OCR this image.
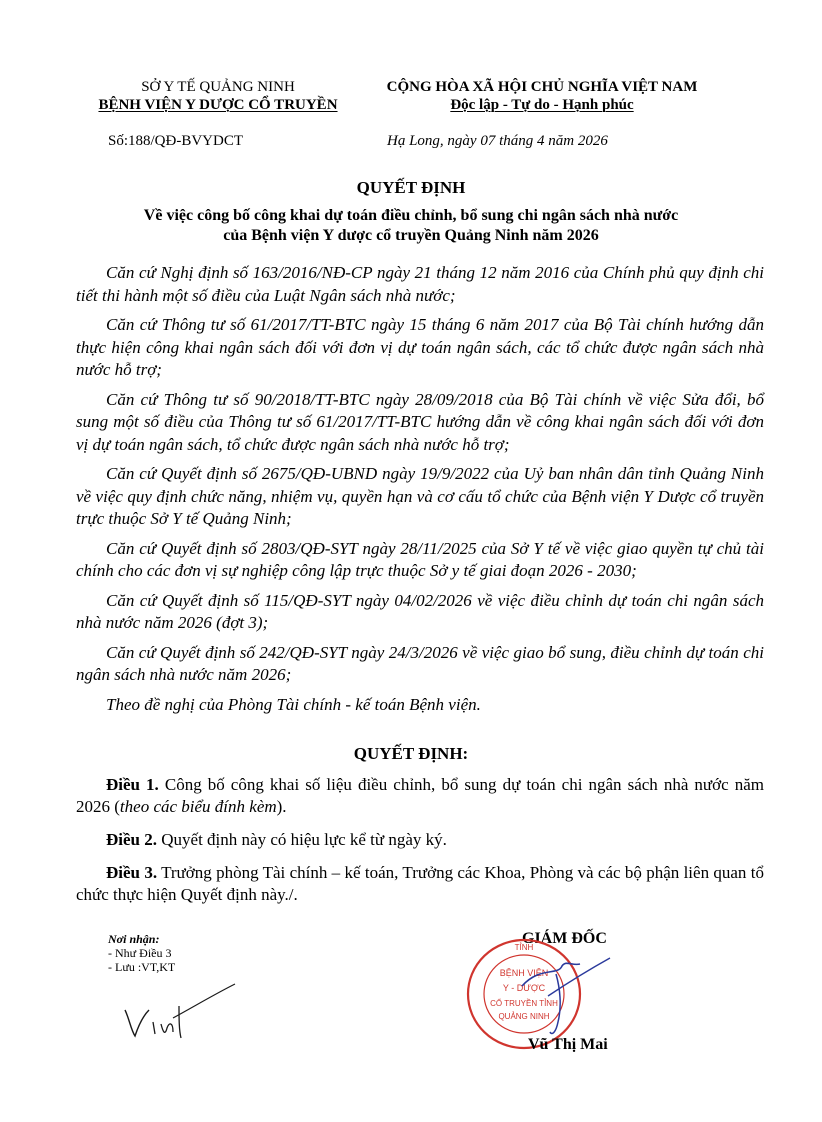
SỞ Y TẾ QUẢNG NINH
BỆNH VIỆN Y DƯỢC CỔ TRUYỀN
CỘNG HÒA XÃ HỘI CHỦ NGHĨA VIỆT NAM
Độc lập - Tự do - Hạnh phúc
Số:188/QĐ-BVYDCT	Hạ Long, ngày 07 tháng 4 năm 2026
QUYẾT ĐỊNH
Về việc công bố công khai dự toán điều chỉnh, bổ sung chi ngân sách nhà nước
của Bệnh viện Y dược cổ truyền Quảng Ninh năm 2026

Căn cứ Nghị định số 163/2016/NĐ-CP ngày 21 tháng 12 năm 2016 của Chính phủ quy định chi tiết thi hành một số điều của Luật Ngân sách nhà nước;

Căn cứ Thông tư số 61/2017/TT-BTC ngày 15 tháng 6 năm 2017 của Bộ Tài chính hướng dẫn thực hiện công khai ngân sách đối với đơn vị dự toán ngân sách, các tổ chức được ngân sách nhà nước hỗ trợ;

Căn cứ Thông tư số 90/2018/TT-BTC ngày 28/09/2018 của Bộ Tài chính về việc Sửa đổi, bổ sung một số điều của Thông tư số 61/2017/TT-BTC hướng dẫn về công khai ngân sách đối với đơn vị dự toán ngân sách, tổ chức được ngân sách nhà nước hỗ trợ;

Căn cứ Quyết định số 2675/QĐ-UBND ngày 19/9/2022 của Uỷ ban nhân dân tỉnh Quảng Ninh về việc quy định chức năng, nhiệm vụ, quyền hạn và cơ cấu tổ chức của Bệnh viện Y Dược cổ truyền trực thuộc Sở Y tế Quảng Ninh;

Căn cứ Quyết định số 2803/QĐ-SYT ngày 28/11/2025 của Sở Y tế về việc giao quyền tự chủ tài chính cho các đơn vị sự nghiệp công lập trực thuộc Sở y tế giai đoạn 2026 - 2030;

Căn cứ Quyết định số 115/QĐ-SYT ngày 04/02/2026 về việc điều chỉnh dự toán chi ngân sách nhà nước năm 2026 (đợt 3);

Căn cứ Quyết định số 242/QĐ-SYT ngày 24/3/2026 về việc giao bổ sung, điều chỉnh dự toán chi ngân sách nhà nước năm 2026;

Theo đề nghị của Phòng Tài chính - kế toán Bệnh viện.

QUYẾT ĐỊNH:

Điều 1. Công bố công khai số liệu điều chỉnh, bổ sung dự toán chi ngân sách nhà nước năm 2026 (theo các biểu đính kèm).

Điều 2. Quyết định này có hiệu lực kể từ ngày ký.

Điều 3. Trưởng phòng Tài chính – kế toán, Trưởng các Khoa, Phòng và các bộ phận liên quan tổ chức thực hiện Quyết định này./.

Nơi nhận:
- Như Điều 3
- Lưu :VT,KT
GIÁM ĐỐC
TỈNH
BỆNH VIỆN
Y - DƯỢC
CỔ TRUYỀN TỈNH
QUẢNG NINH
Vũ Thị Mai
